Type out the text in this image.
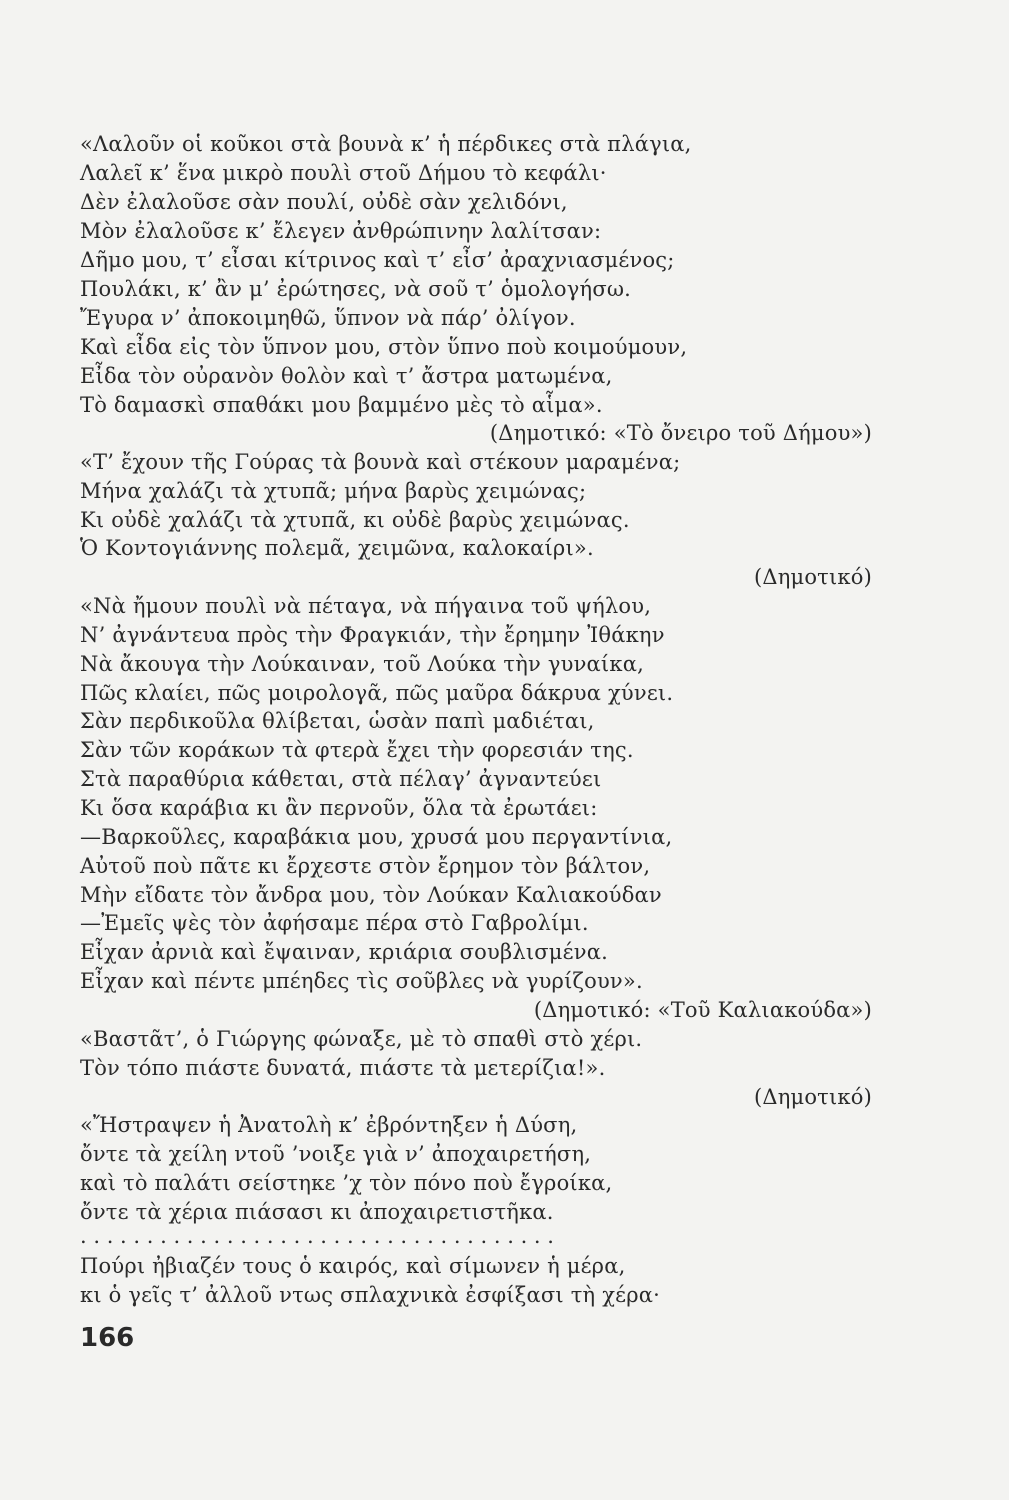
«Λαλοῦν οἱ κοῦκοι στὰ βουνὰ κ’ ἡ πέρδικες στὰ πλάγια,
Λαλεῖ κ’ ἕνα μικρὸ πουλὶ στοῦ Δήμου τὸ κεφάλι·
Δὲν ἐλαλοῦσε σὰν πουλί, οὐδὲ σὰν χελιδόνι,
Μὸν ἐλαλοῦσε κ’ ἔλεγεν ἀνθρώπινην λαλίτσαν:
Δῆμο μου, τ’ εἶσαι κίτρινος καὶ τ’ εἶσ’ ἀραχνιασμένος;
Πουλάκι, κ’ ἂν μ’ ἐρώτησες, νὰ σοῦ τ’ ὁμολογήσω.
Ἔγυρα ν’ ἀποκοιμηθῶ, ὕπνον νὰ πάρ’ ὀλίγον.
Καὶ εἶδα εἰς τὸν ὕπνον μου, στὸν ὕπνο ποὺ κοιμούμουν,
Εἶδα τὸν οὐρανὸν θολὸν καὶ τ’ ἄστρα ματωμένα,
Τὸ δαμασκὶ σπαθάκι μου βαμμένο μὲς τὸ αἷμα».
(Δημοτικό: «Τὸ ὄνειρο τοῦ Δήμου»)
«Τ’ ἔχουν τῆς Γούρας τὰ βουνὰ καὶ στέκουν μαραμένα;
Μήνα χαλάζι τὰ χτυπᾶ; μήνα βαρὺς χειμώνας;
Κι οὐδὲ χαλάζι τὰ χτυπᾶ, κι οὐδὲ βαρὺς χειμώνας.
Ὁ Κοντογιάννης πολεμᾶ, χειμῶνα, καλοκαίρι».
(Δημοτικό)
«Νὰ ἤμουν πουλὶ νὰ πέταγα, νὰ πήγαινα τοῦ ψήλου,
Ν’ ἀγνάντευα πρὸς τὴν Φραγκιάν, τὴν ἔρημην Ἰθάκην
Νὰ ἄκουγα τὴν Λούκαιναν, τοῦ Λούκα τὴν γυναίκα,
Πῶς κλαίει, πῶς μοιρολογᾶ, πῶς μαῦρα δάκρυα χύνει.
Σὰν περδικοῦλα θλίβεται, ὡσὰν παπὶ μαδιέται,
Σὰν τῶν κοράκων τὰ φτερὰ ἔχει τὴν φορεσιάν της.
Στὰ παραθύρια κάθεται, στὰ πέλαγ’ ἀγναντεύει
Κι ὅσα καράβια κι ἂν περνοῦν, ὅλα τὰ ἐρωτάει:
—Βαρκοῦλες, καραβάκια μου, χρυσά μου περγαντίνια,
Αὐτοῦ ποὺ πᾶτε κι ἔρχεστε στὸν ἔρημον τὸν βάλτον,
Μὴν εἴδατε τὸν ἄνδρα μου, τὸν Λούκαν Καλιακούδαν
—Ἐμεῖς ψὲς τὸν ἀφήσαμε πέρα στὸ Γαβρολίμι.
Εἶχαν ἀρνιὰ καὶ ἔψαιναν, κριάρια σουβλισμένα.
Εἶχαν καὶ πέντε μπέηδες τὶς σοῦβλες νὰ γυρίζουν».
(Δημοτικό: «Τοῦ Καλιακούδα»)
«Βαστᾶτ’, ὁ Γιώργης φώναξε, μὲ τὸ σπαθὶ στὸ χέρι.
Τὸν τόπο πιάστε δυνατά, πιάστε τὰ μετερίζια!».
(Δημοτικό)
«Ἤστραψεν ἡ Ἀνατολὴ κ’ ἐβρόντηξεν ἡ Δύση,
ὄντε τὰ χείλη ντοῦ ’νοιξε γιὰ ν’ ἀποχαιρετήση,
καὶ τὸ παλάτι σείστηκε ’χ τὸν πόνο ποὺ ἔγροίκα,
ὄντε τὰ χέρια πιάσασι κι ἀποχαιρετιστῆκα.
. . . . . . . . . . . . . . . . . . . . . . . . . . . . . . . . . . . .
Πούρι ἠβιαζέν τους ὁ καιρός, καὶ σίμωνεν ἡ μέρα,
κι ὁ γεῖς τ’ ἀλλοῦ ντως σπλαχνικὰ ἐσφίξασι τὴ χέρα·
166
